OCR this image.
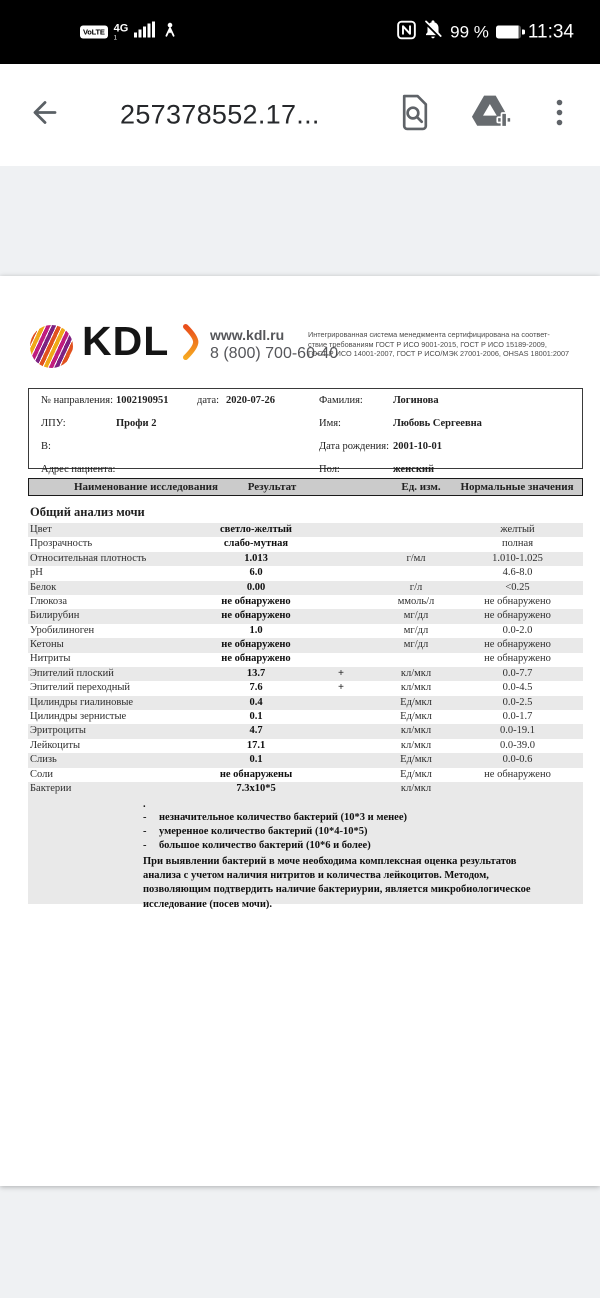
VoLTE 4G
1	99 % 11:34
257378552.17...
KDL	www.kdl.ru
8 (800) 700-60-40
Интегрированная система менеджмента сертифицирована на соответ-
ствие требованиям ГОСТ Р ИСО 9001-2015, ГОСТ Р ИСО 15189-2009,
ГОСТ Р ИСО 14001-2007, ГОСТ Р ИСО/МЭК 27001-2006, OHSAS 18001:2007
№ направления: 1002190951	дата: 2020-07-26	Фамилия:	Логинова
ЛПУ:	Профи 2	Имя:	Любовь Сергеевна
В:	Дата рождения: 2001-10-01
Адрес пациента:	Пол:	женский
Наименование исследования	Результат	Ед. изм. Нормальные значения
Общий анализ мочи
Цвет	светло-желтый	желтый
Прозрачность	слабо-мутная	полная
Относительная плотность	1.013	г/мл	1.010-1.025
pH	6.0	4.6-8.0
Белок	0.00	г/л	<0.25
Глюкоза	не обнаружено	ммоль/л	не обнаружено
Билирубин	не обнаружено	мг/дл	не обнаружено
Уробилиноген	1.0	мг/дл	0.0-2.0
Кетоны	не обнаружено	мг/дл	не обнаружено
Нитриты	не обнаружено	не обнаружено
Эпителий плоский	13.7	+	кл/мкл	0.0-7.7
Эпителий переходный	7.6	+	кл/мкл	0.0-4.5
Цилиндры гиалиновые	0.4	Ед/мкл	0.0-2.5
Цилиндры зернистые	0.1	Ед/мкл	0.0-1.7
Эритроциты	4.7	кл/мкл	0.0-19.1
Лейкоциты	17.1	кл/мкл	0.0-39.0
Слизь	0.1	Ед/мкл	0.0-0.6
Соли	не обнаружены	Ед/мкл	не обнаружено
Бактерии	7.3x10*5	кл/мкл
.
-	незначительное количество бактерий (10*3 и менее)
-	умеренное количество бактерий (10*4-10*5)
-	большое количество бактерий (10*6 и более)
При выявлении бактерий в моче необходима комплексная оценка результатов анализа с учетом наличия нитритов и количества лейкоцитов. Методом, позволяющим подтвердить наличие бактериурии, является микробиологическое исследование (посев мочи).
